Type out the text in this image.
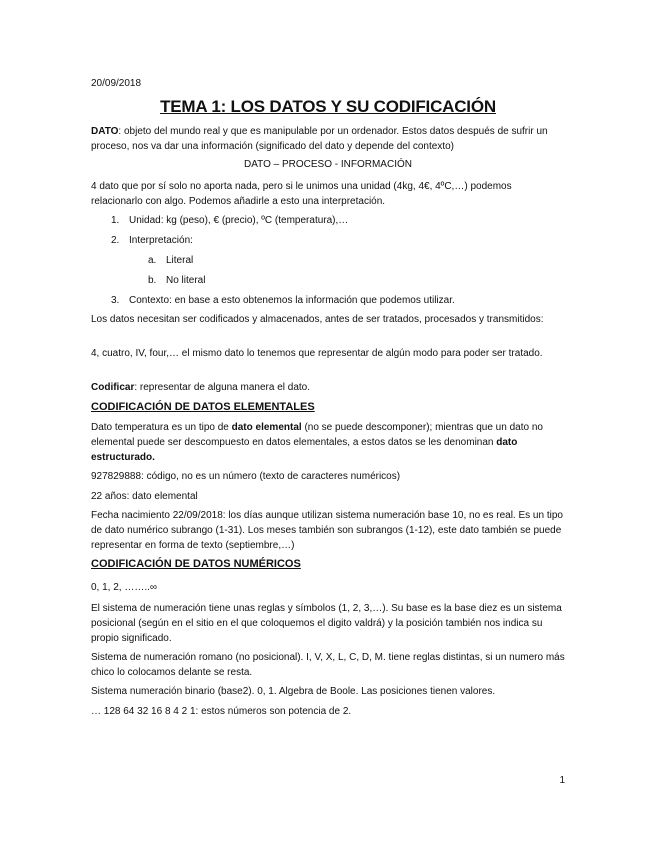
20/09/2018
TEMA 1: LOS DATOS Y SU CODIFICACIÓN
DATO: objeto del mundo real y que es manipulable por un ordenador. Estos datos después de sufrir un proceso, nos va dar una información (significado del dato y depende del contexto)
DATO – PROCESO - INFORMACIÓN
4 dato que por sí solo no aporta nada, pero si le unimos una unidad (4kg, 4€, 4ºC,…) podemos relacionarlo con algo. Podemos añadirle a esto una interpretación.
1. Unidad: kg (peso), € (precio), ºC (temperatura),…
2. Interpretación:
a. Literal
b. No literal
3. Contexto: en base a esto obtenemos la información que podemos utilizar.
Los datos necesitan ser codificados y almacenados, antes de ser tratados, procesados y transmitidos:
4, cuatro, IV, four,… el mismo dato lo tenemos que representar de algún modo para poder ser tratado.
Codificar: representar de alguna manera el dato.
CODIFICACIÓN DE DATOS ELEMENTALES
Dato temperatura es un tipo de dato elemental (no se puede descomponer); mientras que un dato no elemental puede ser descompuesto en datos elementales, a estos datos se les denominan dato estructurado.
927829888: código, no es un número (texto de caracteres numéricos)
22 años: dato elemental
Fecha nacimiento 22/09/2018: los días aunque utilizan sistema numeración base 10, no es real. Es un tipo de dato numérico subrango (1-31). Los meses también son subrangos (1-12), este dato también se puede representar en forma de texto (septiembre,…)
CODIFICACIÓN DE DATOS NUMÉRICOS
0, 1, 2, ……..∞
El sistema de numeración tiene unas reglas y símbolos (1, 2, 3,…). Su base es la base diez es un sistema posicional (según en el sitio en el que coloquemos el digito valdrá) y la posición también nos indica su propio significado.
Sistema de numeración romano (no posicional). I, V, X, L, C, D, M. tiene reglas distintas, si un numero más chico lo colocamos delante se resta.
Sistema numeración binario (base2). 0, 1. Algebra de Boole. Las posiciones tienen valores.
… 128 64 32 16 8 4 2 1: estos números son potencia de 2.
1
